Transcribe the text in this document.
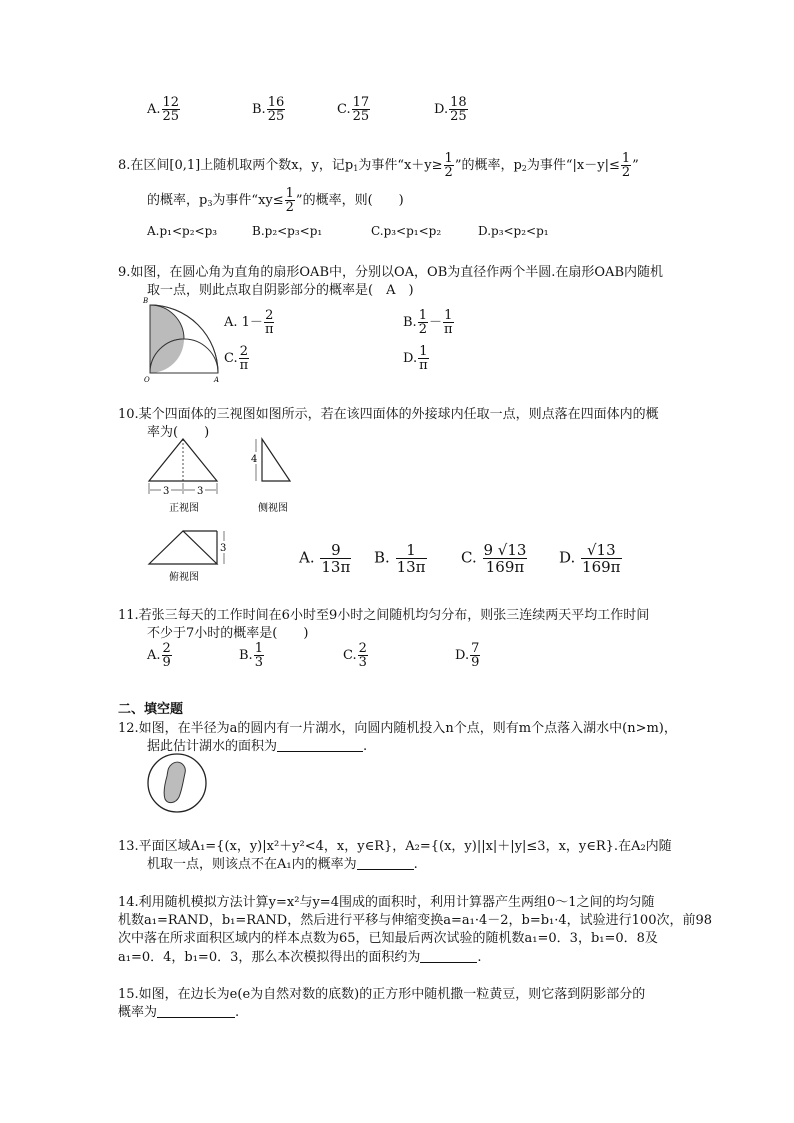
A. $\frac{12}{25}$	B. $\frac{16}{25}$	C. $\frac{17}{25}$	D. $\frac{18}{25}$
8.在区间[0,1]上随机取两个数x，y，记$p_1$为事件“$x+y\ge \frac{1}{2}$ ”的概率，$p_2$为事件“$|x-y|\le \frac{1}{2}$ ”
的概率，$p_3$为事件“$xy\le \frac{1}{2}$ ”的概率，则(　　)
A.p₁<p₂<p₃	B.p₂<p₃<p₁	C.p₃<p₁<p₂	D.p₃<p₂<p₁
9.如图，在圆心角为直角的扇形OAB中，分别以OA，OB为直径作两个半圆.在扇形OAB内随机
取一点，则此点取自阴影部分的概率是(　A　)
B
O	A
A. $1- \frac{2}{\pi}$	B. $\frac{1}{2} - \frac{1}{\pi}$
C. $\frac{2}{\pi}$	D. $\frac{1}{\pi}$
10.某个四面体的三视图如图所示，若在该四面体的外接球内任取一点，则点落在四面体内的概
率为(　　)
3	3
正视图
4
侧视图
3
俯视图
A. $\frac{9}{13\pi} B$. $\frac{1}{13\pi} C$. $\frac{9 √13}{169\pi} D$. $\frac{√13}{169\pi}$
11.若张三每天的工作时间在6小时至9小时之间随机均匀分布，则张三连续两天平均工作时间
不少于7小时的概率是(　　)
A. $\frac{2}{9}$	B. $\frac{1}{3}$	C. $\frac{2}{3}$	D. $\frac{7}{9}$
二、填空题
12.如图，在半径为a的圆内有一片湖水，向圆内随机投入n个点，则有m个点落入湖水中(n>m)，
据此估计湖水的面积为	.
13.平面区域A₁={(x，y)|x²＋y²<4，x，y∈R}，A₂={(x，y)||x|＋|y|≤3，x，y∈R}.在A₂内随
机取一点，则该点不在A₁内的概率为	.
14.利用随机模拟方法计算y=x²与y=4围成的面积时，利用计算器产生两组0～1之间的均匀随
机数a₁=RAND，b₁=RAND，然后进行平移与伸缩变换a=a₁·4－2，b=b₁·4，试验进行100次，前98
次中落在所求面积区域内的样本点数为65，已知最后两次试验的随机数a₁=0．3，b₁=0．8及
a₁=0．4，b₁=0．3，那么本次模拟得出的面积约为	.
15.如图，在边长为e(e为自然对数的底数)的正方形中随机撒一粒黄豆，则它落到阴影部分的
概率为	.
